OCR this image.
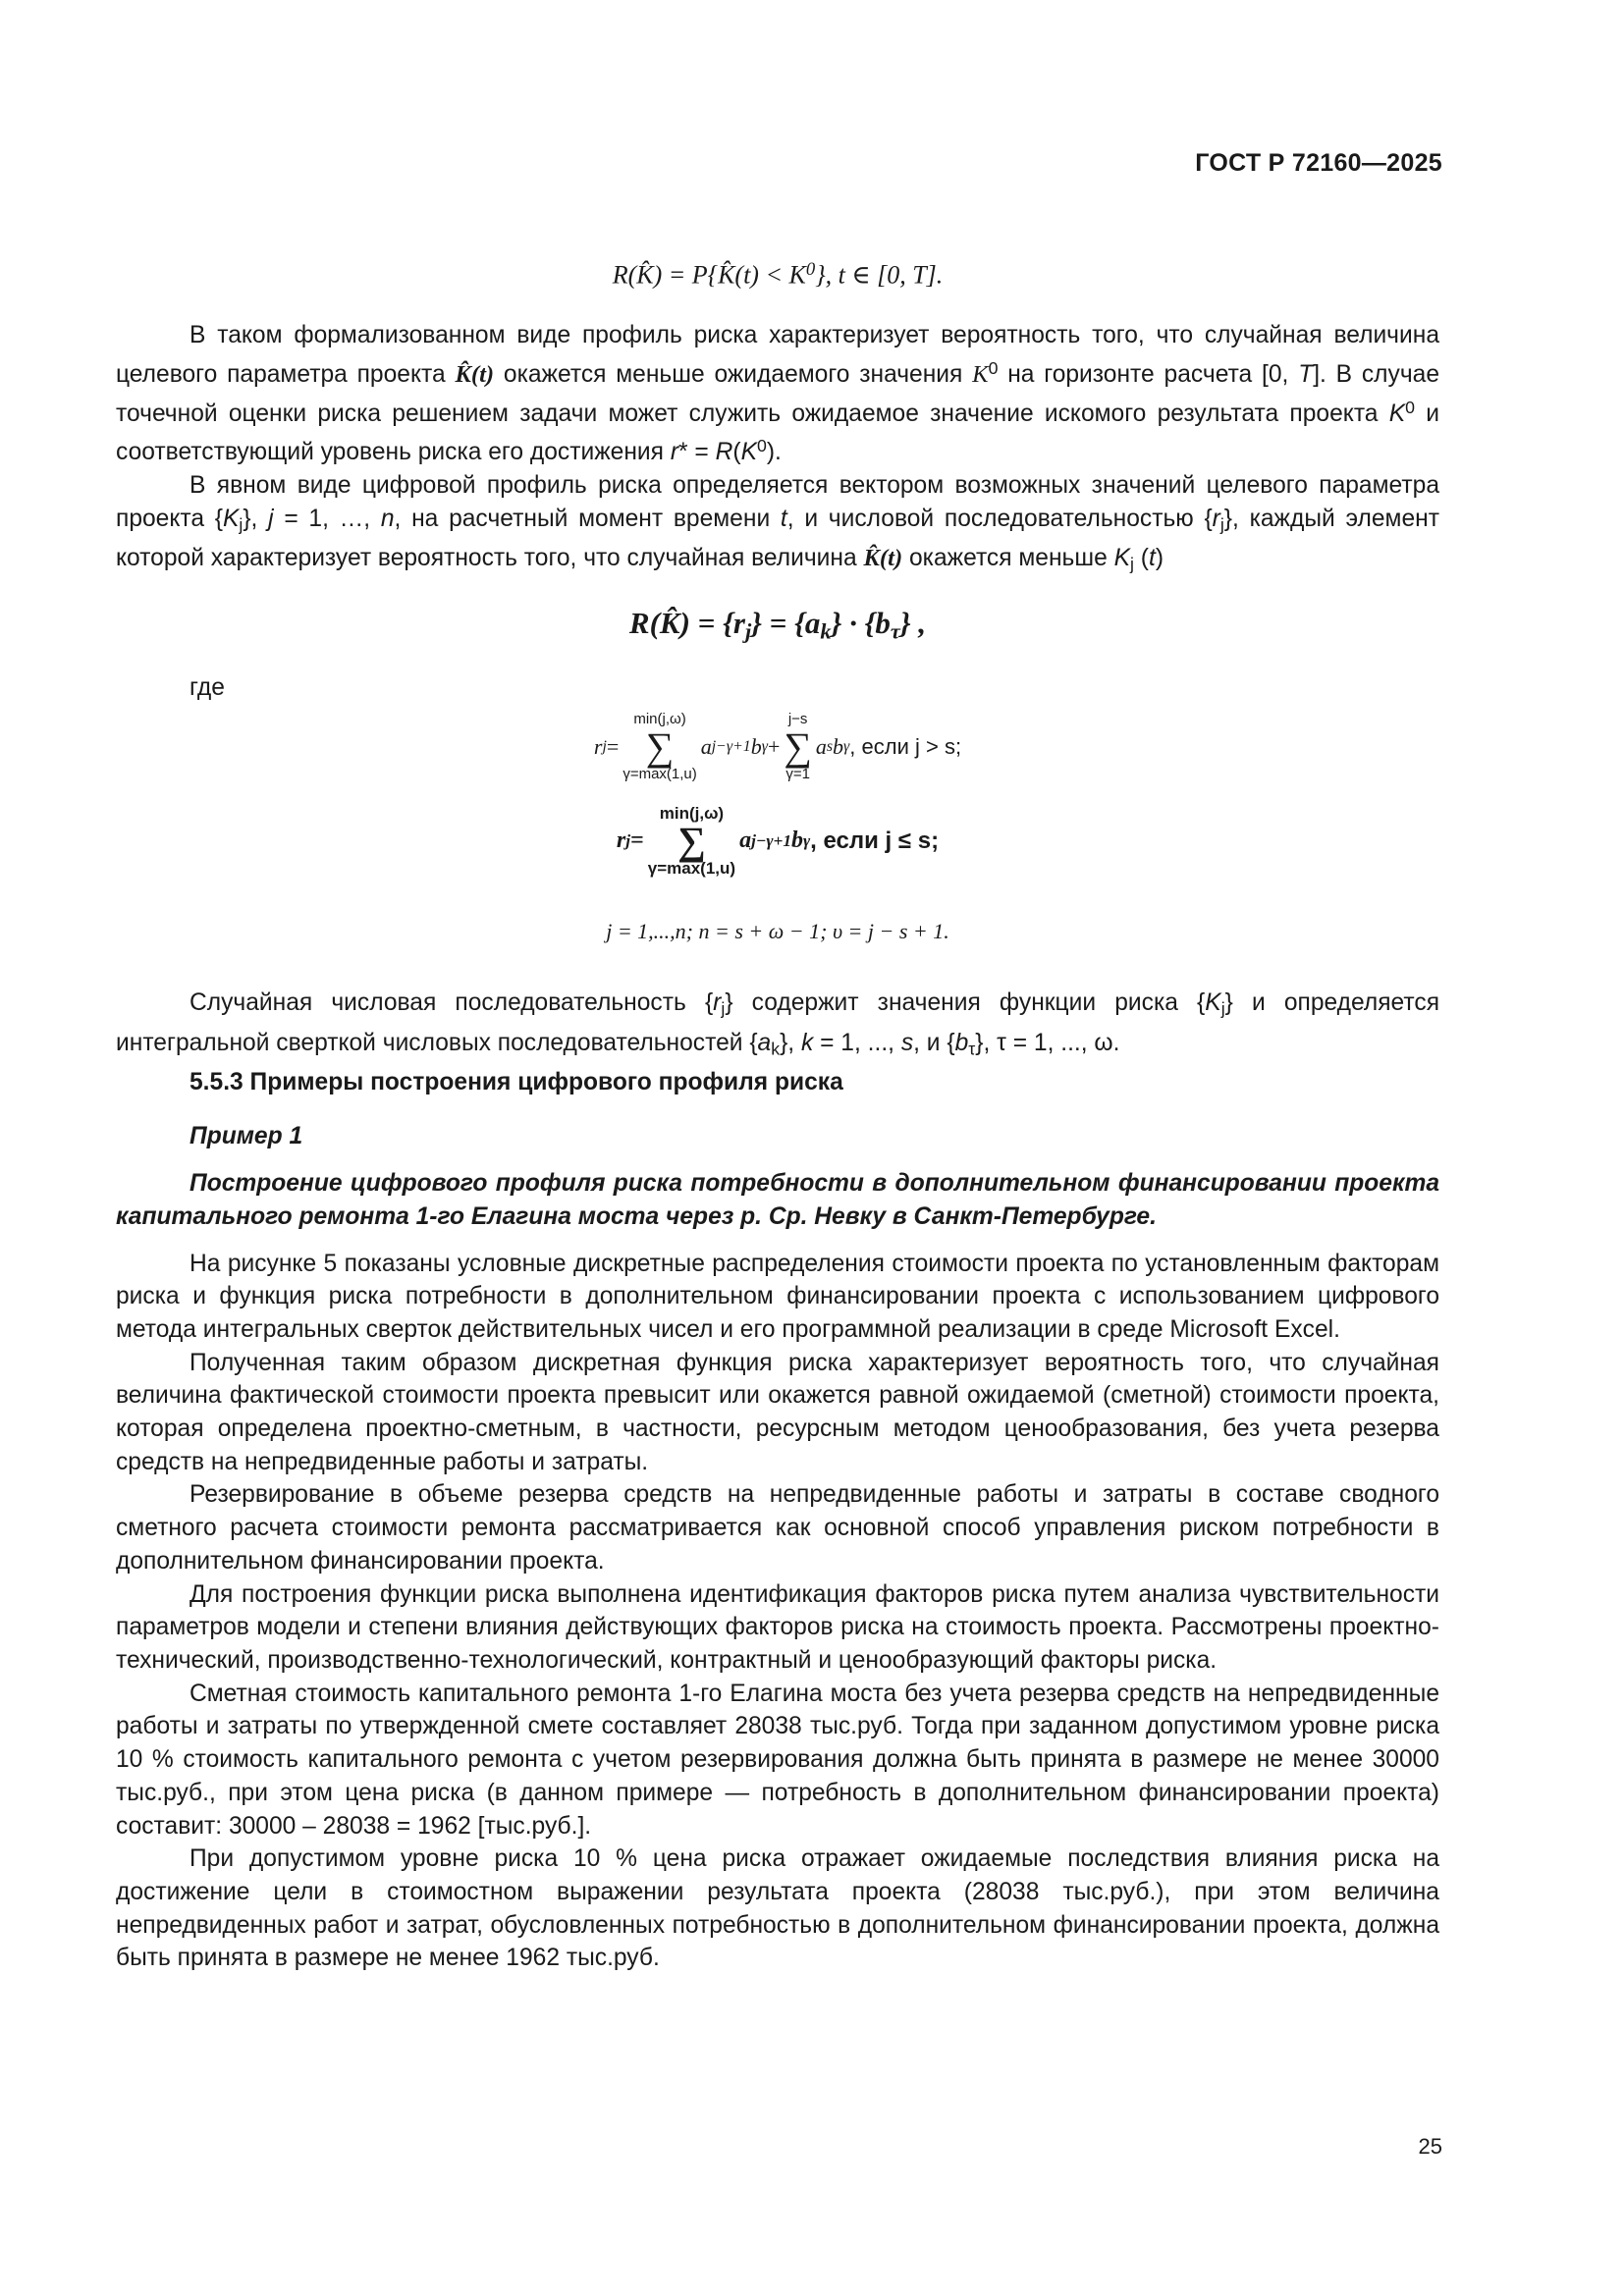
ГОСТ Р 72160—2025
R(K̂) = P{K̂(t) < $K^0$}, t ∈ [0, T].

В таком формализованном виде профиль риска характеризует вероятность того, что случайная величина целевого параметра проекта K̂(t) окажется меньше ожидаемого значения $K^0$ на горизонте расчета [0, T]. В случае точечной оценки риска решением задачи может служить ожидаемое значение искомого результата проекта $K^0$ и соответствующий уровень риска его достижения $r* = R(K^0)$.

В явном виде цифровой профиль риска определяется вектором возможных значений целевого параметра проекта $\{K_j\}$, j = 1, …, n, на расчетный момент времени t, и числовой последовательностью $\{r_j\}$, каждый элемент которой характеризует вероятность того, что случайная величина K̂(t) окажется меньше $K_j$ (t)

R(K̂) = $\{r_j\} = \{a_k\} \cdot \{b_\tau\}$ ,

где

r j =
min(j,ω)
∑
γ=max(1,u)
a j−γ+1 b γ +
j−s
∑
γ=1
a s b γ , если j > s;
r j =
min(j,ω)
∑
γ=max(1,u)
a j−γ+1 b γ , если j ≤ s;
j = 1,...,n; n = s + ω − 1; υ = j − s + 1.

Случайная числовая последовательность $\{r_j\}$ содержит значения функции риска $\{K_j\}$ и определяется интегральной сверткой числовых последовательностей $\{a_k\}$, k = 1, ..., s, и $\{b_\tau\}$, τ = 1, ..., ω.

5.5.3 Примеры построения цифрового профиля риска

Пример 1

Построение цифрового профиля риска потребности в дополнительном финансировании проекта капитального ремонта 1-го Елагина моста через р. Ср. Невку в Санкт-Петербурге.

На рисунке 5 показаны условные дискретные распределения стоимости проекта по установленным факторам риска и функция риска потребности в дополнительном финансировании проекта с использованием цифрового метода интегральных сверток действительных чисел и его программной реализации в среде Microsoft Excel.

Полученная таким образом дискретная функция риска характеризует вероятность того, что случайная величина фактической стоимости проекта превысит или окажется равной ожидаемой (сметной) стоимости проекта, которая определена проектно-сметным, в частности, ресурсным методом ценообразования, без учета резерва средств на непредвиденные работы и затраты.

Резервирование в объеме резерва средств на непредвиденные работы и затраты в составе сводного сметного расчета стоимости ремонта рассматривается как основной способ управления риском потребности в дополнительном финансировании проекта.

Для построения функции риска выполнена идентификация факторов риска путем анализа чувствительности параметров модели и степени влияния действующих факторов риска на стоимость проекта. Рассмотрены проектно-технический, производственно-технологический, контрактный и ценообразующий факторы риска.

Сметная стоимость капитального ремонта 1-го Елагина моста без учета резерва средств на непредвиденные работы и затраты по утвержденной смете составляет 28038 тыс.руб. Тогда при заданном допустимом уровне риска 10 % стоимость капитального ремонта с учетом резервирования должна быть принята в размере не менее 30000 тыс.руб., при этом цена риска (в данном примере — потребность в дополнительном финансировании проекта) составит: 30000 – 28038 = 1962 [тыс.руб.].

При допустимом уровне риска 10 % цена риска отражает ожидаемые последствия влияния риска на достижение цели в стоимостном выражении результата проекта (28038 тыс.руб.), при этом величина непредвиденных работ и затрат, обусловленных потребностью в дополнительном финансировании проекта, должна быть принята в размере не менее 1962 тыс.руб.

25
